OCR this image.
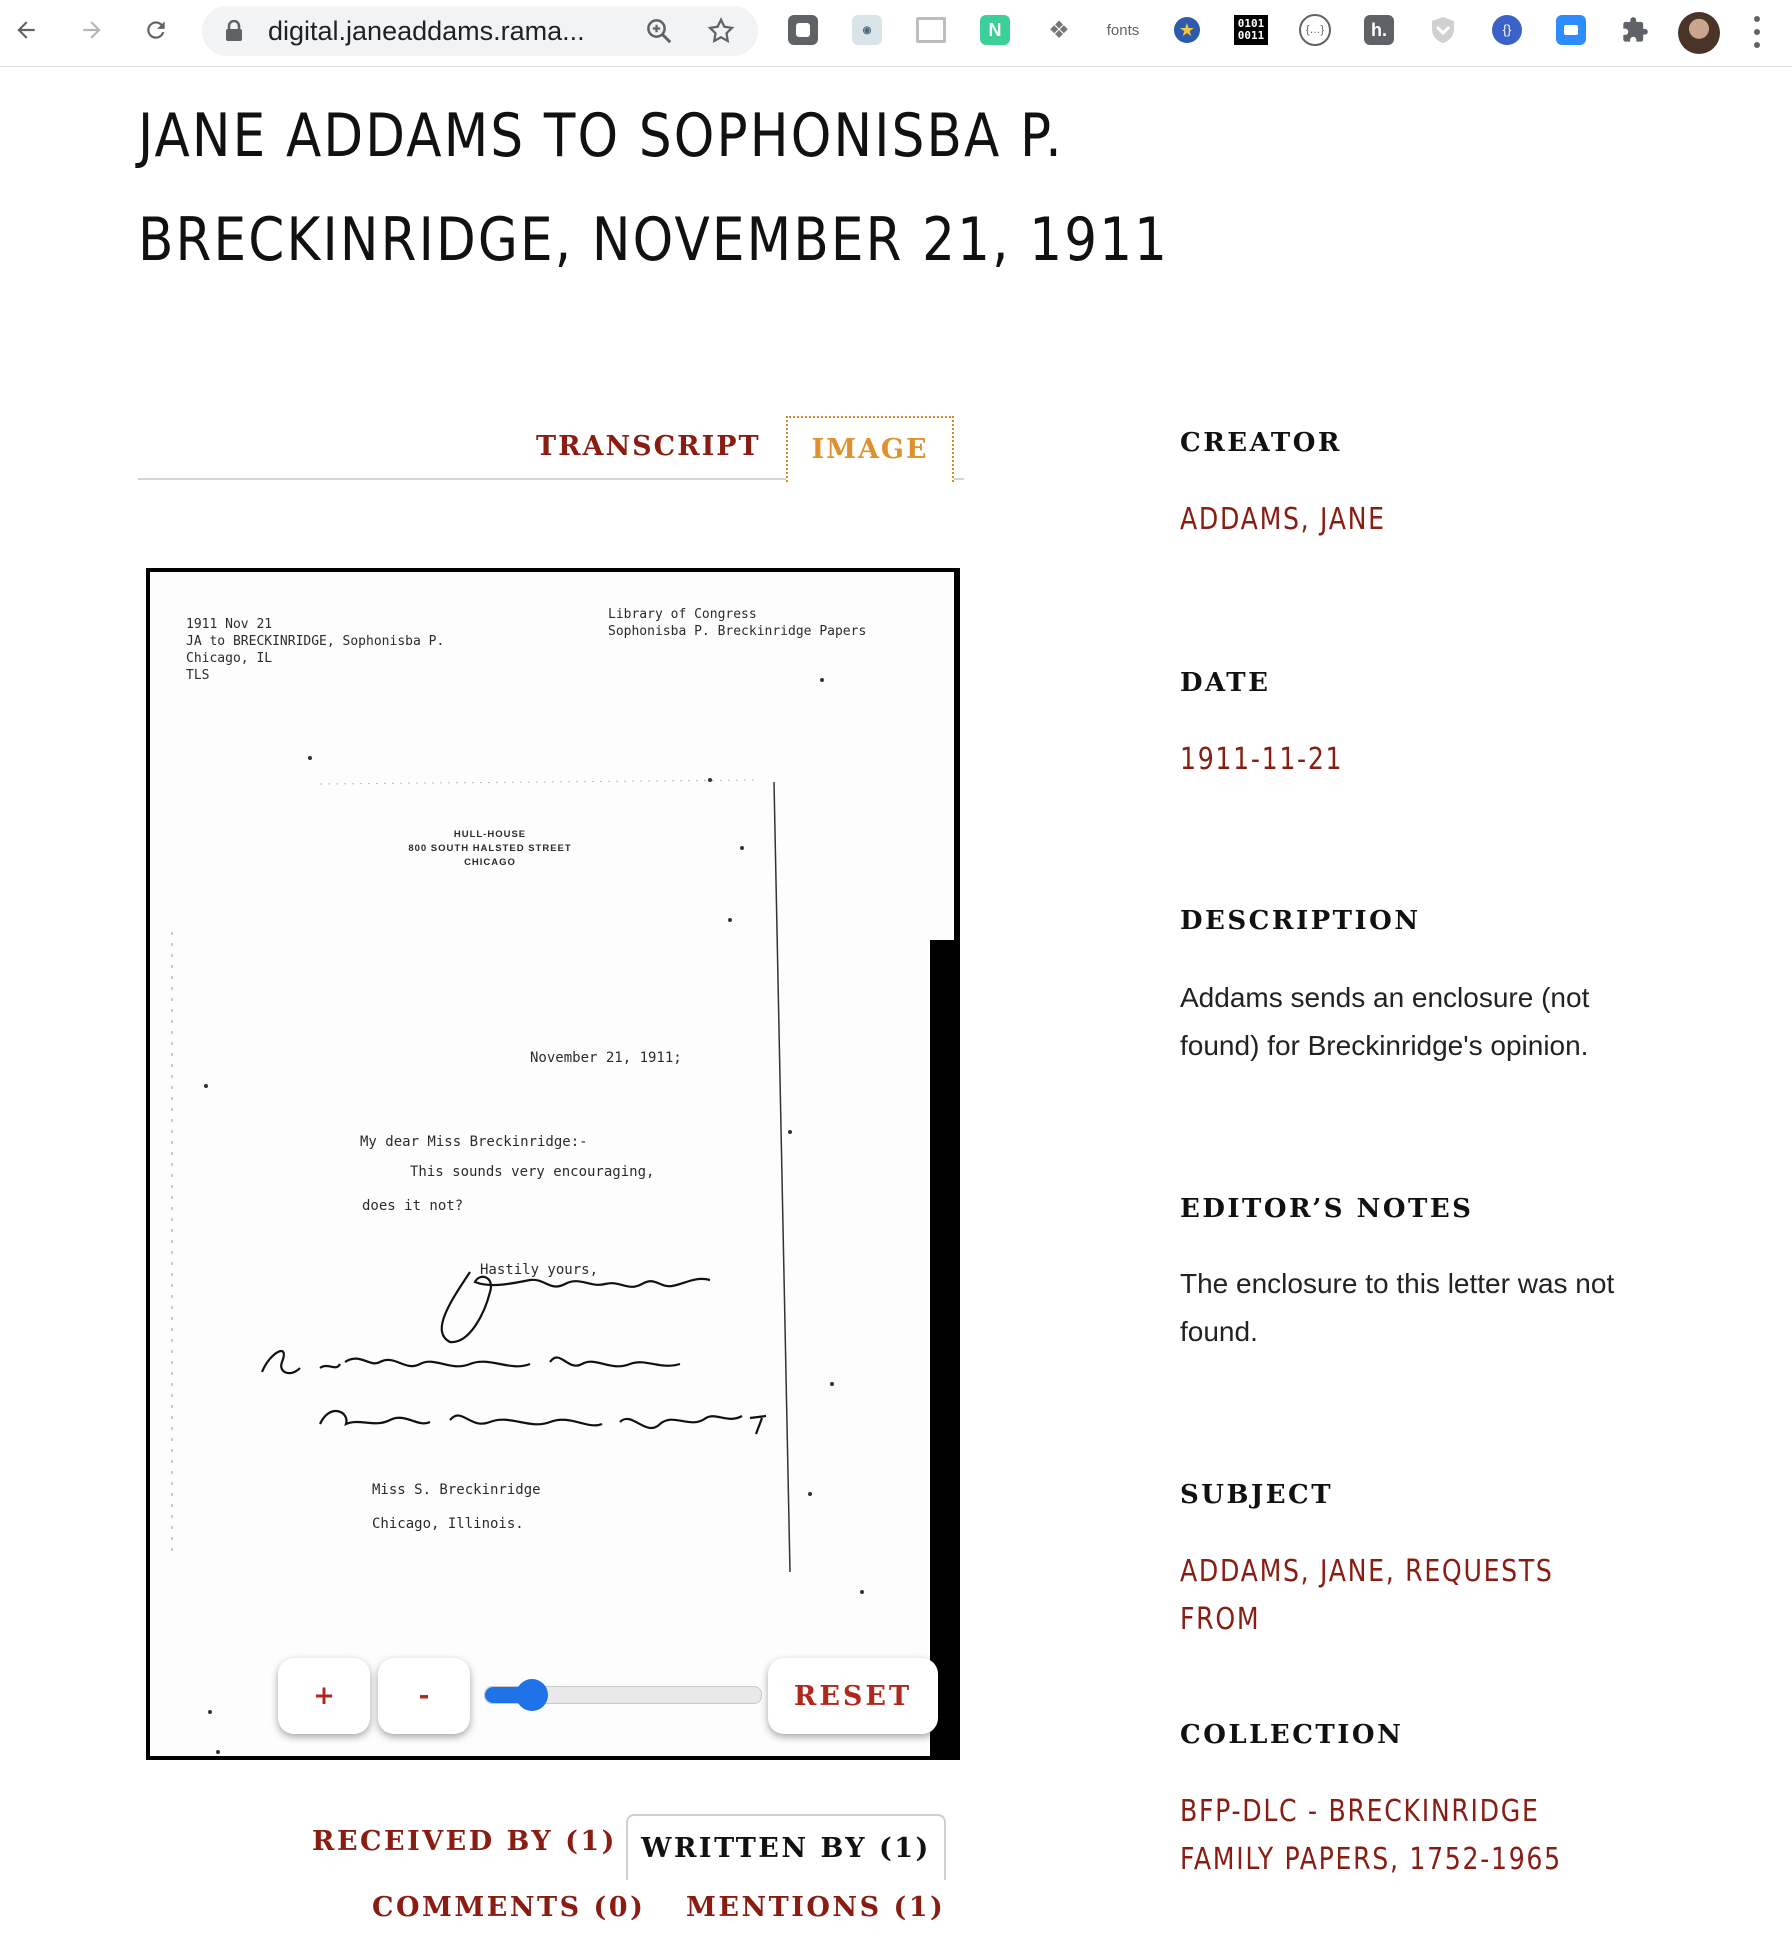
digital.janeaddams.rama...	◉	N	❖ fonts ★	0101
0011	{…}	h.	{}
JANE ADDAMS TO SOPHONISBA P. BRECKINRIDGE, NOVEMBER 21, 1911
TRANSCRIPT	IMAGE
1911 Nov 21
JA to BRECKINRIDGE, Sophonisba P.
Chicago, IL
TLS
Library of Congress
Sophonisba P. Breckinridge Papers
HULL-HOUSE
800 SOUTH HALSTED STREET
CHICAGO
November 21, 1911;
My dear Miss Breckinridge:-
This sounds very encouraging,
does it not?
Hastily yours,
Miss S. Breckinridge
Chicago, Illinois.
+	-	RESET
RECEIVED BY (1) WRITTEN BY (1)
COMMENTS (0) MENTIONS (1)
CREATOR
ADDAMS, JANE
DATE
1911-11-21
DESCRIPTION

Addams sends an enclosure (not found) for Breckinridge's opinion.

EDITOR’S NOTES

The enclosure to this letter was not found.

SUBJECT
ADDAMS, JANE, REQUESTS FROM
COLLECTION
BFP-DLC - BRECKINRIDGE FAMILY PAPERS, 1752-1965
